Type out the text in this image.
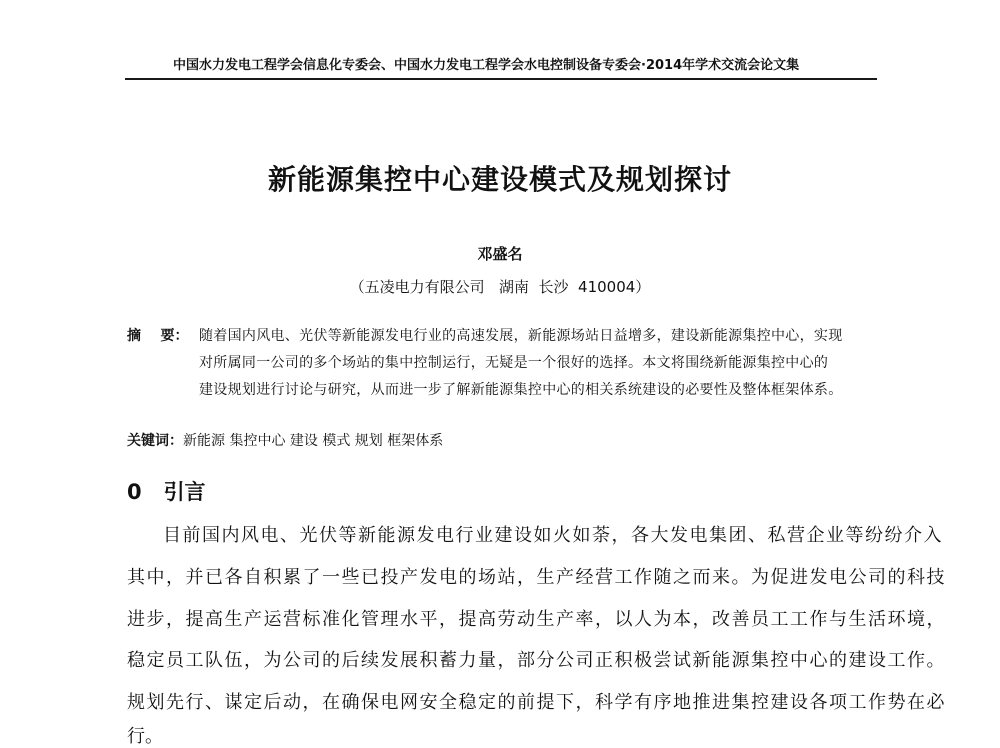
中国水力发电工程学会信息化专委会、中国水力发电工程学会水电控制设备专委会·2014年学术交流会论文集
新能源集控中心建设模式及规划探讨
邓盛名
（五凌电力有限公司   湖南  长沙  410004）
摘    要： 随着国内风电、光伏等新能源发电行业的高速发展，新能源场站日益增多，建设新能源集控中心，实现
对所属同一公司的多个场站的集中控制运行，无疑是一个很好的选择。本文将围绕新能源集控中心的
建设规划进行讨论与研究，从而进一步了解新能源集控中心的相关系统建设的必要性及整体框架体系。
关键词：新能源 集控中心 建设 模式 规划 框架体系
0 引言
目前国内风电、光伏等新能源发电行业建设如火如荼，各大发电集团、私营企业等纷纷介入
其中，并已各自积累了一些已投产发电的场站，生产经营工作随之而来。为促进发电公司的科技
进步，提高生产运营标准化管理水平，提高劳动生产率，以人为本，改善员工工作与生活环境，
稳定员工队伍，为公司的后续发展积蓄力量，部分公司正积极尝试新能源集控中心的建设工作。
规划先行、谋定后动，在确保电网安全稳定的前提下，科学有序地推进集控建设各项工作势在必
行。
